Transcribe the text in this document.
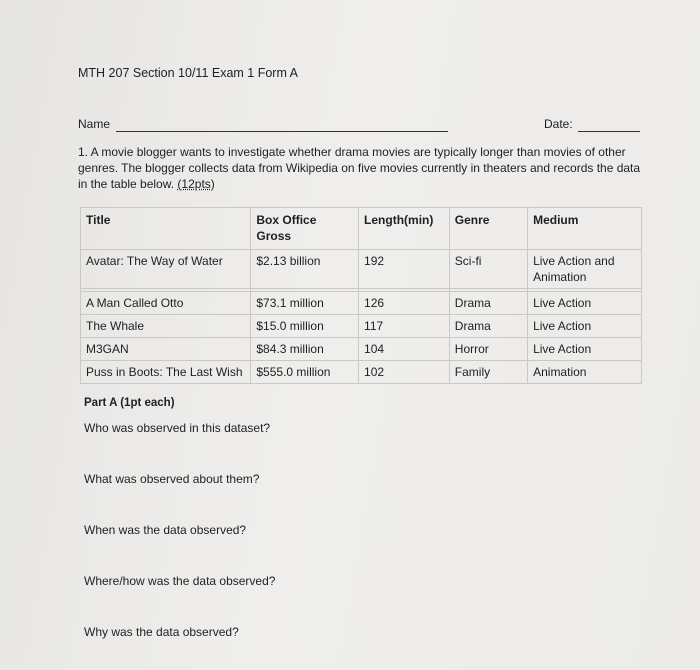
MTH 207 Section 10/11 Exam 1 Form A
Name	Date:
1. A movie blogger wants to investigate whether drama movies are typically longer than movies of other genres. The blogger collects data from Wikipedia on five movies currently in theaters and records the data in the table below. (12pts)
Title	Box Office Gross	Length(min)	Genre	Medium
Avatar: The Way of Water	$2.13 billion	192	Sci-fi	Live Action and Animation

A Man Called Otto	$73.1 million	126	Drama	Live Action
The Whale	$15.0 million	117	Drama	Live Action
M3GAN	$84.3 million	104	Horror	Live Action
Puss in Boots: The Last Wish	$555.0 million	102	Family	Animation
Part A (1pt each)
Who was observed in this dataset?
What was observed about them?
When was the data observed?
Where/how was the data observed?
Why was the data observed?
